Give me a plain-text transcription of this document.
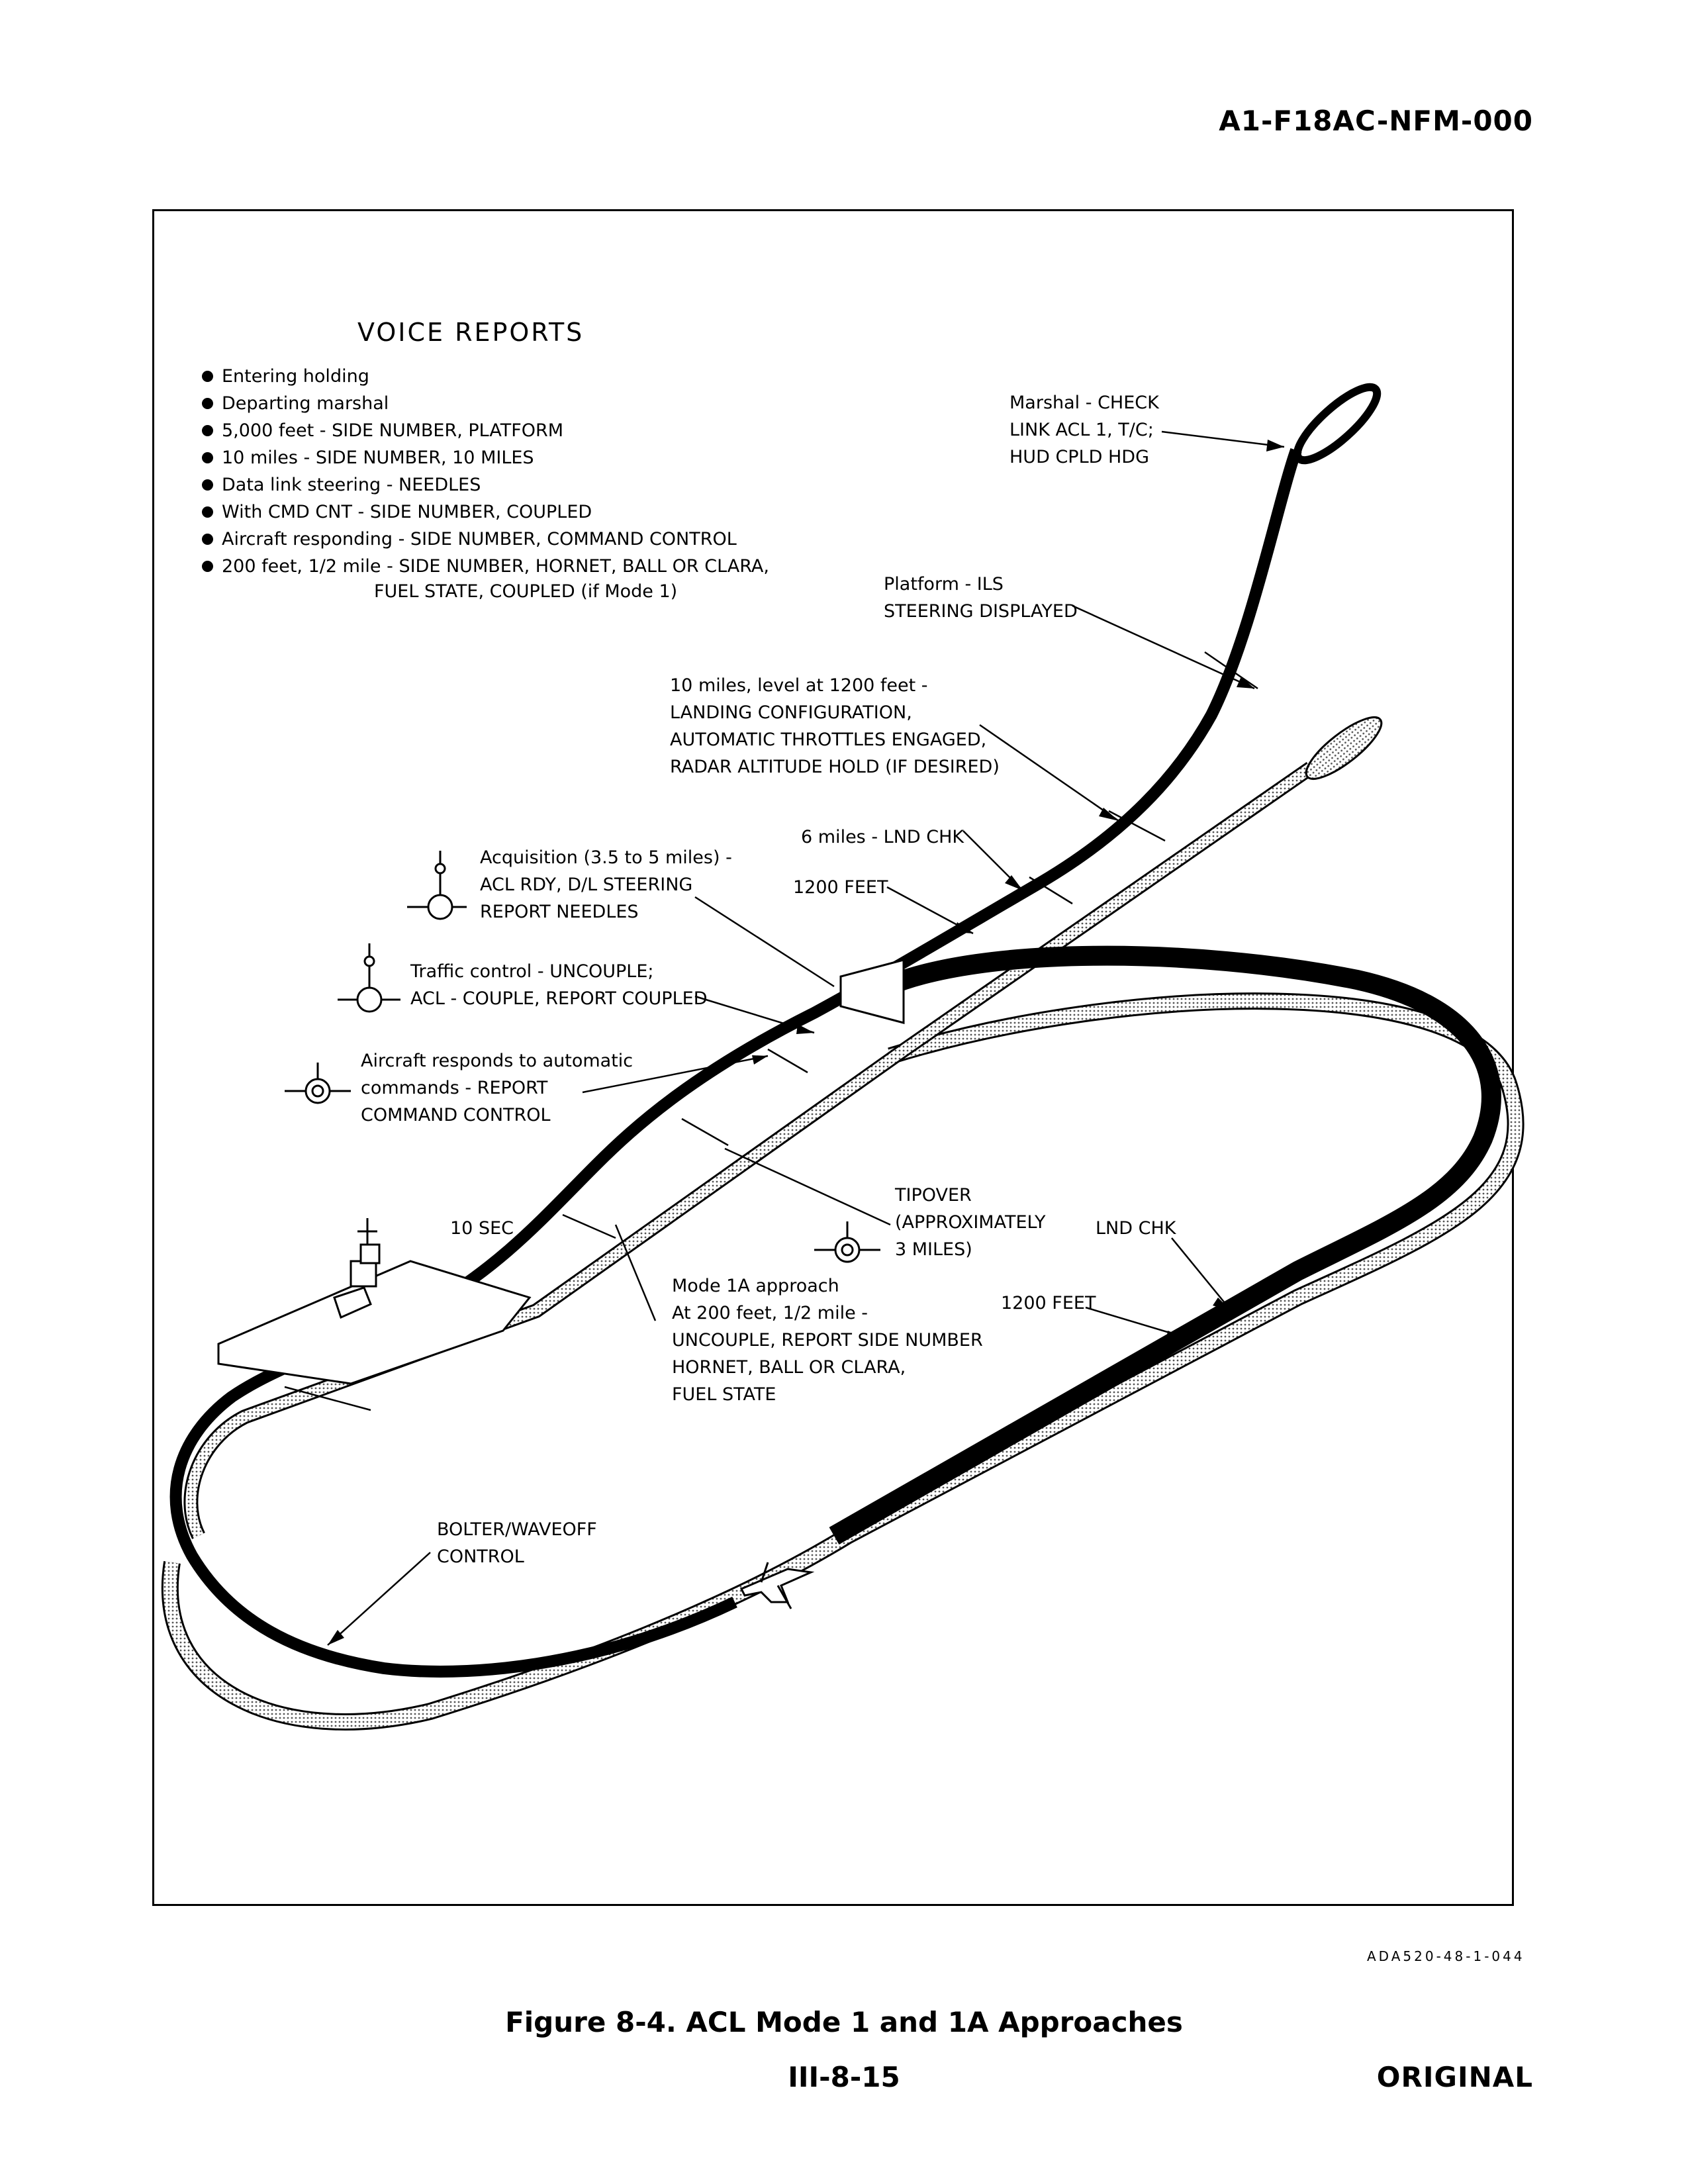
A1-F18AC-NFM-000
VOICE REPORTS
Entering holding
Departing marshal
5,000 feet - SIDE NUMBER, PLATFORM
10 miles - SIDE NUMBER, 10 MILES
Data link steering - NEEDLES
With CMD CNT - SIDE NUMBER, COUPLED
Aircraft responding - SIDE NUMBER, COMMAND CONTROL
200 feet, 1/2 mile - SIDE NUMBER, HORNET, BALL OR CLARA,
FUEL STATE, COUPLED (if Mode 1)
Marshal - CHECK
LINK ACL 1, T/C;
HUD CPLD HDG
Platform - ILS
STEERING DISPLAYED
10 miles, level at 1200 feet -
LANDING CONFIGURATION,
AUTOMATIC THROTTLES ENGAGED,
RADAR ALTITUDE HOLD (IF DESIRED)
6 miles - LND CHK
1200 FEET
Acquisition (3.5 to 5 miles) -
ACL RDY, D/L STEERING
REPORT NEEDLES
Traffic control - UNCOUPLE;
ACL - COUPLE, REPORT COUPLED
Aircraft responds to automatic
commands - REPORT
COMMAND CONTROL
TIPOVER
(APPROXIMATELY
3 MILES)
10 SEC	LND CHK
1200 FEET
Mode 1A approach
At 200 feet, 1/2 mile -
UNCOUPLE, REPORT SIDE NUMBER
HORNET, BALL OR CLARA,
FUEL STATE
BOLTER/WAVEOFF
CONTROL
ADA520-48-1-044
Figure 8-4. ACL Mode 1 and 1A Approaches
III-8-15	ORIGINAL
